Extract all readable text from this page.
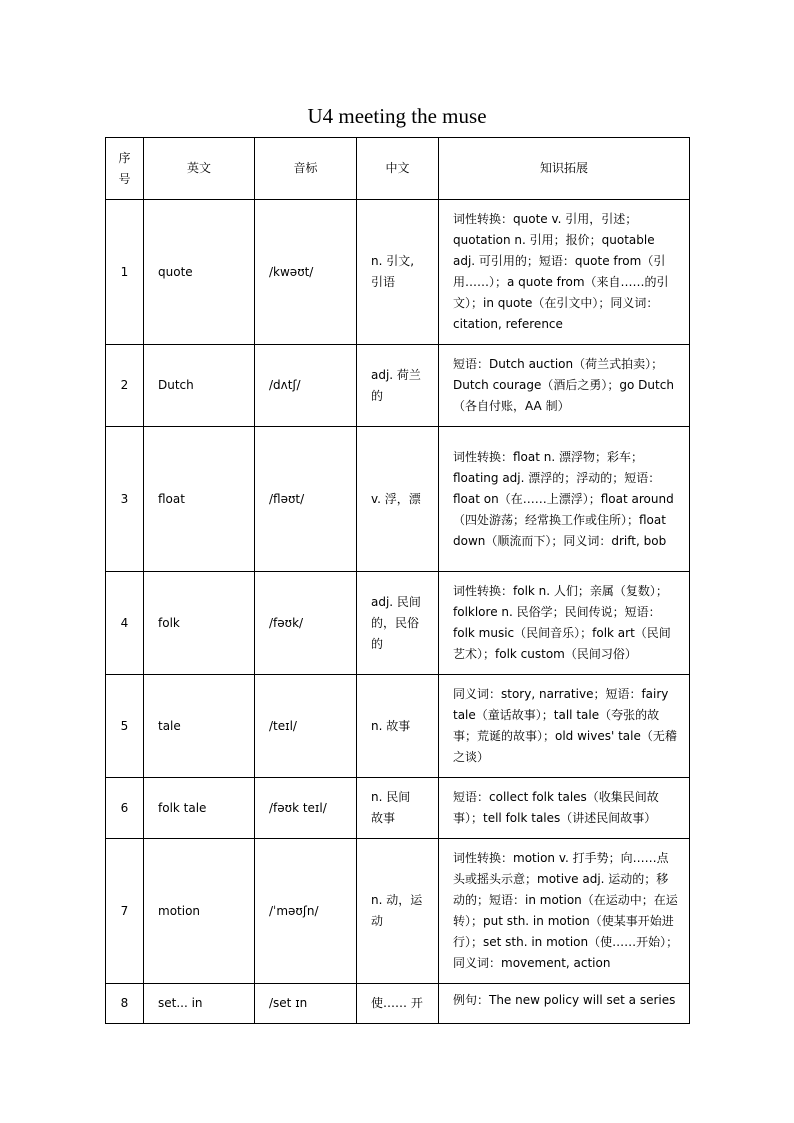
U4 meeting the muse
序
号	英文	音标	中文	知识拓展
1	quote	/kwəʊt/	n. 引文,
引语	词性转换：quote v. 引用，引述；quotation n. 引用；报价；quotable adj. 可引用的；短语：quote from（引用……）；a quote from（来自……的引文）；in quote（在引文中）；同义词：citation, reference
2	Dutch	/dʌtʃ/	adj. 荷兰
的	短语：Dutch auction（荷兰式拍卖）；Dutch courage（酒后之勇）；go Dutch（各自付账，AA 制）
3	float	/fləʊt/	v. 浮，漂	词性转换：float n. 漂浮物；彩车；floating adj. 漂浮的；浮动的；短语：float on（在……上漂浮）；float around（四处游荡；经常换工作或住所）；float down（顺流而下）；同义词：drift, bob
4	folk	/fəʊk/	adj. 民间
的，民俗
的	词性转换：folk n. 人们；亲属（复数）；folklore n. 民俗学；民间传说；短语：folk music（民间音乐）；folk art（民间艺术）；folk custom（民间习俗）
5	tale	/teɪl/	n. 故事	同义词：story, narrative；短语：fairy tale（童话故事）；tall tale（夸张的故事；荒诞的故事）；old wives' tale（无稽之谈）
6	folk tale	/fəʊk teɪl/	n. 民间
故事	短语：collect folk tales（收集民间故事）；tell folk tales（讲述民间故事）
7	motion	/ˈməʊʃn/	n. 动，运
动	词性转换：motion v. 打手势；向……点头或摇头示意；motive adj. 运动的；移动的；短语：in motion（在运动中；在运转）；put sth. in motion（使某事开始进行）；set sth. in motion（使……开始）；同义词：movement, action
8	set... in	/set ɪn	使…… 开	例句：The new policy will set a series
